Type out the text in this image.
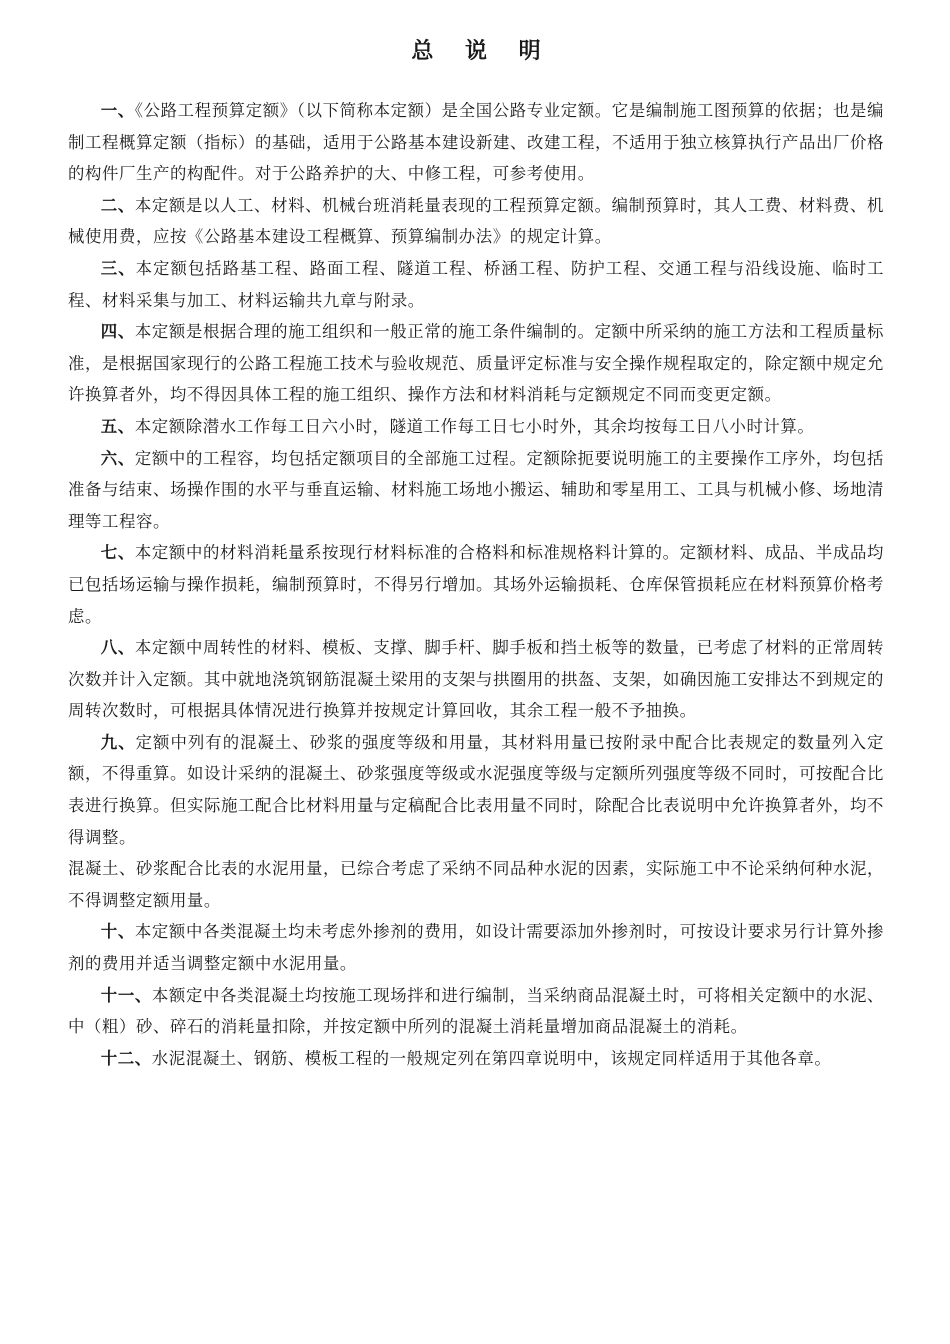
总 说 明

一、《公路工程预算定额》（以下简称本定额）是全国公路专业定额。它是编制施工图预算的依据；也是编制工程概算定额（指标）的基础，适用于公路基本建设新建、改建工程，不适用于独立核算执行产品出厂价格的构件厂生产的构配件。对于公路养护的大、中修工程，可参考使用。

二、本定额是以人工、材料、机械台班消耗量表现的工程预算定额。编制预算时，其人工费、材料费、机械使用费，应按《公路基本建设工程概算、预算编制办法》的规定计算。

三、本定额包括路基工程、路面工程、隧道工程、桥涵工程、防护工程、交通工程与沿线设施、临时工程、材料采集与加工、材料运输共九章与附录。

四、本定额是根据合理的施工组织和一般正常的施工条件编制的。定额中所采纳的施工方法和工程质量标准，是根据国家现行的公路工程施工技术与验收规范、质量评定标准与安全操作规程取定的，除定额中规定允许换算者外，均不得因具体工程的施工组织、操作方法和材料消耗与定额规定不同而变更定额。

五、本定额除潜水工作每工日六小时，隧道工作每工日七小时外，其余均按每工日八小时计算。

六、定额中的工程容，均包括定额项目的全部施工过程。定额除扼要说明施工的主要操作工序外，均包括准备与结束、场操作围的水平与垂直运输、材料施工场地小搬运、辅助和零星用工、工具与机械小修、场地清理等工程容。

七、本定额中的材料消耗量系按现行材料标准的合格料和标准规格料计算的。定额材料、成品、半成品均已包括场运输与操作损耗，编制预算时，不得另行增加。其场外运输损耗、仓库保管损耗应在材料预算价格考虑。

八、本定额中周转性的材料、模板、支撑、脚手杆、脚手板和挡土板等的数量，已考虑了材料的正常周转次数并计入定额。其中就地浇筑钢筋混凝土梁用的支架与拱圈用的拱盔、支架，如确因施工安排达不到规定的周转次数时，可根据具体情况进行换算并按规定计算回收，其余工程一般不予抽换。

九、定额中列有的混凝土、砂浆的强度等级和用量，其材料用量已按附录中配合比表规定的数量列入定额，不得重算。如设计采纳的混凝土、砂浆强度等级或水泥强度等级与定额所列强度等级不同时，可按配合比表进行换算。但实际施工配合比材料用量与定稿配合比表用量不同时，除配合比表说明中允许换算者外，均不得调整。

混凝土、砂浆配合比表的水泥用量，已综合考虑了采纳不同品种水泥的因素，实际施工中不论采纳何种水泥，不得调整定额用量。

十、本定额中各类混凝土均未考虑外掺剂的费用，如设计需要添加外掺剂时，可按设计要求另行计算外掺剂的费用并适当调整定额中水泥用量。

十一、本额定中各类混凝土均按施工现场拌和进行编制，当采纳商品混凝土时，可将相关定额中的水泥、中（粗）砂、碎石的消耗量扣除，并按定额中所列的混凝土消耗量增加商品混凝土的消耗。

十二、水泥混凝土、钢筋、模板工程的一般规定列在第四章说明中，该规定同样适用于其他各章。
